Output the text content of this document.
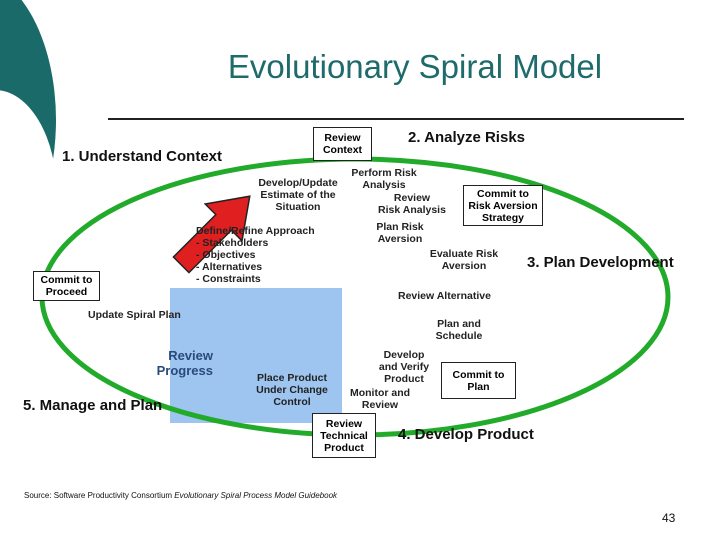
Evolutionary Spiral Model
1. Understand Context
2. Analyze Risks
3. Plan Development
4. Develop Product
5. Manage and Plan
Review
Context
Commit to
Risk Aversion
Strategy
Commit to
Proceed
Commit to
Plan
Review
Technical
Product
Develop/Update
Estimate of the
Situation
Perform Risk
Analysis
Review
Risk Analysis
Plan Risk
Aversion
Evaluate Risk
Aversion
Review Alternative
Define/Refine Approach
- Stakeholders
- Objectives
- Alternatives
- Constraints
Update Spiral Plan
Plan and
Schedule
Review
Progress	Place Product
Under Change
Control
Develop
and Verify
Product
Monitor and
Review
Source: Software Productivity Consortium Evolutionary Spiral Process Model Guidebook
43
